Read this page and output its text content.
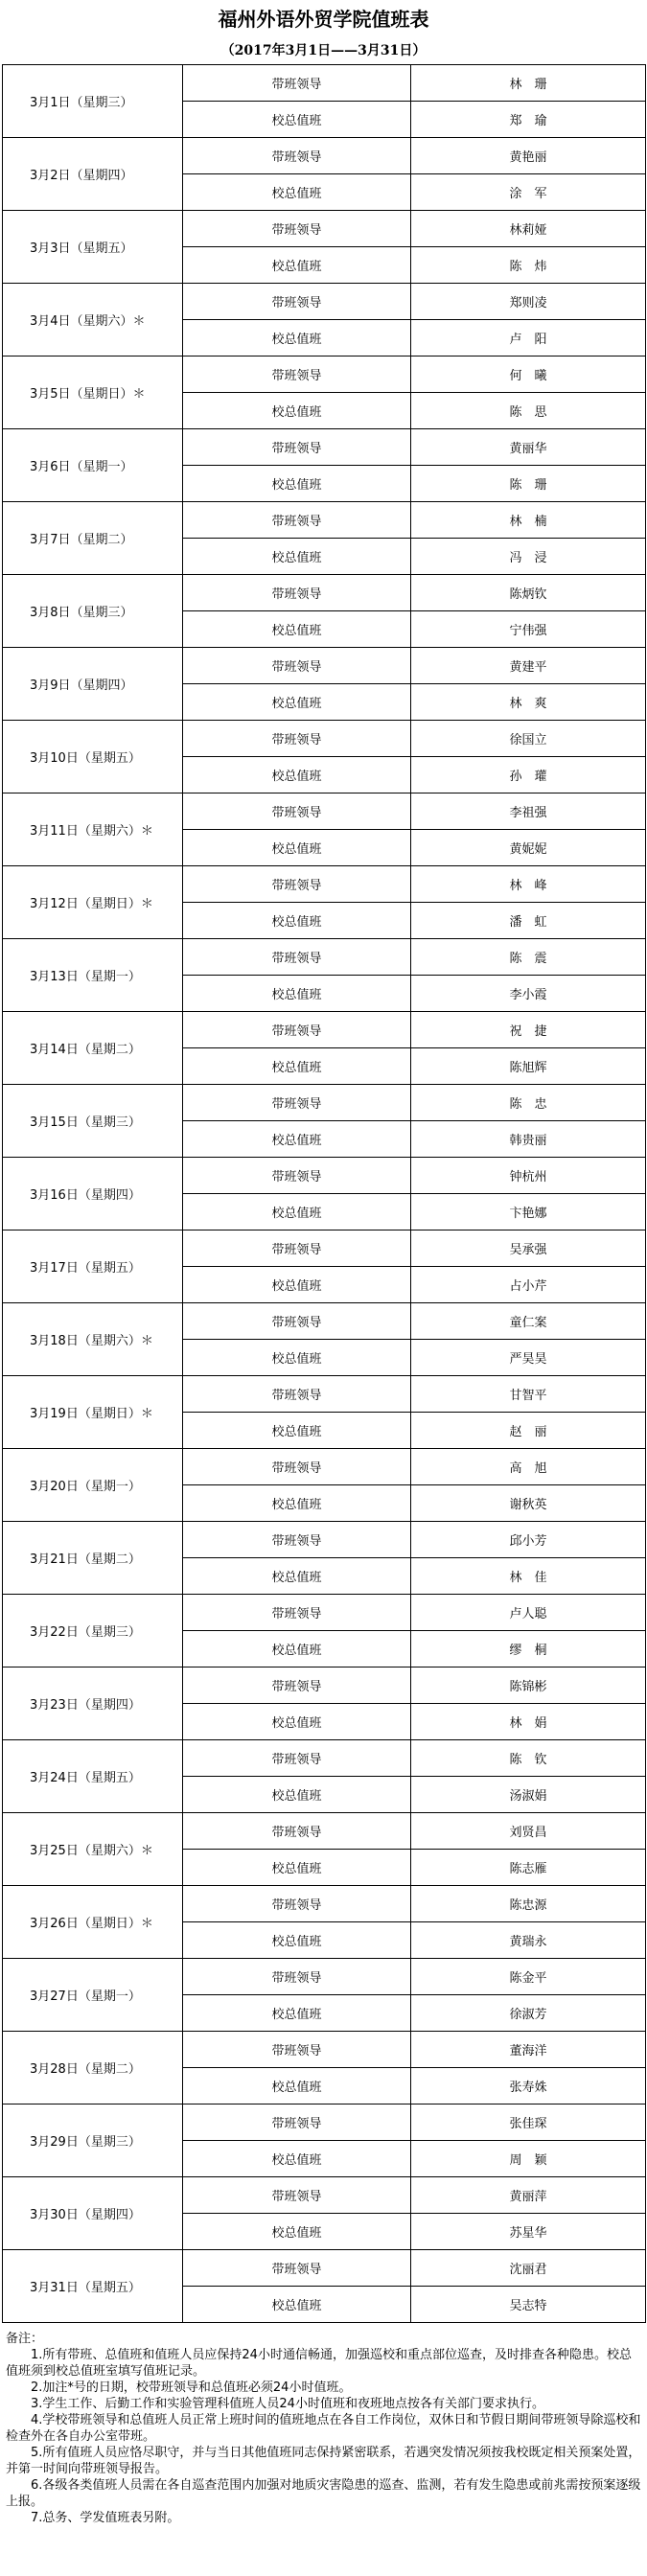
福州外语外贸学院值班表
（2017年3月1日——3月31日）
3月1日（星期三）	带班领导	林　珊
	校总值班	郑　瑜
3月2日（星期四）	带班领导	黄艳丽
	校总值班	涂　军
3月3日（星期五）	带班领导	林莉娅
	校总值班	陈　炜
3月4日（星期六）＊	带班领导	郑则凌
	校总值班	卢　阳
3月5日（星期日）＊	带班领导	何　曦
	校总值班	陈　思
3月6日（星期一）	带班领导	黄丽华
	校总值班	陈　珊
3月7日（星期二）	带班领导	林　楠
	校总值班	冯　浸
3月8日（星期三）	带班领导	陈炳钦
	校总值班	宁伟强
3月9日（星期四）	带班领导	黄建平
	校总值班	林　爽
3月10日（星期五）	带班领导	徐国立
	校总值班	孙　瓘
3月11日（星期六）＊	带班领导	李祖强
	校总值班	黄妮妮
3月12日（星期日）＊	带班领导	林　峰
	校总值班	潘　虹
3月13日（星期一）	带班领导	陈　震
	校总值班	李小霞
3月14日（星期二）	带班领导	祝　捷
	校总值班	陈旭辉
3月15日（星期三）	带班领导	陈　忠
	校总值班	韩贵丽
3月16日（星期四）	带班领导	钟杭州
	校总值班	卞艳娜
3月17日（星期五）	带班领导	吴承强
	校总值班	占小芹
3月18日（星期六）＊	带班领导	童仁案
	校总值班	严昊昊
3月19日（星期日）＊	带班领导	甘智平
	校总值班	赵　丽
3月20日（星期一）	带班领导	高　旭
	校总值班	谢秋英
3月21日（星期二）	带班领导	邱小芳
	校总值班	林　佳
3月22日（星期三）	带班领导	卢人聪
	校总值班	缪　桐
3月23日（星期四）	带班领导	陈锦彬
	校总值班	林　娟
3月24日（星期五）	带班领导	陈　钦
	校总值班	汤淑娟
3月25日（星期六）＊	带班领导	刘贤昌
	校总值班	陈志雁
3月26日（星期日）＊	带班领导	陈忠源
	校总值班	黄瑞永
3月27日（星期一）	带班领导	陈金平
	校总值班	徐淑芳
3月28日（星期二）	带班领导	董海洋
	校总值班	张寿姝
3月29日（星期三）	带班领导	张佳琛
	校总值班	周　颖
3月30日（星期四）	带班领导	黄丽萍
	校总值班	苏星华
3月31日（星期五）	带班领导	沈丽君
	校总值班	吴志特
备注：

1.所有带班、总值班和值班人员应保持24小时通信畅通，加强巡校和重点部位巡查，及时排查各种隐患。校总值班须到校总值班室填写值班记录。

2.加注*号的日期，校带班领导和总值班必须24小时值班。

3.学生工作、后勤工作和实验管理科值班人员24小时值班和夜班地点按各有关部门要求执行。

4.学校带班领导和总值班人员正常上班时间的值班地点在各自工作岗位，双休日和节假日期间带班领导除巡校和检查外在各自办公室带班。

5.所有值班人员应恪尽职守，并与当日其他值班同志保持紧密联系，若遇突发情况须按我校既定相关预案处置，并第一时间向带班领导报告。

6.各级各类值班人员需在各自巡查范围内加强对地质灾害隐患的巡查、监测，若有发生隐患或前兆需按预案逐级上报。

7.总务、学发值班表另附。
